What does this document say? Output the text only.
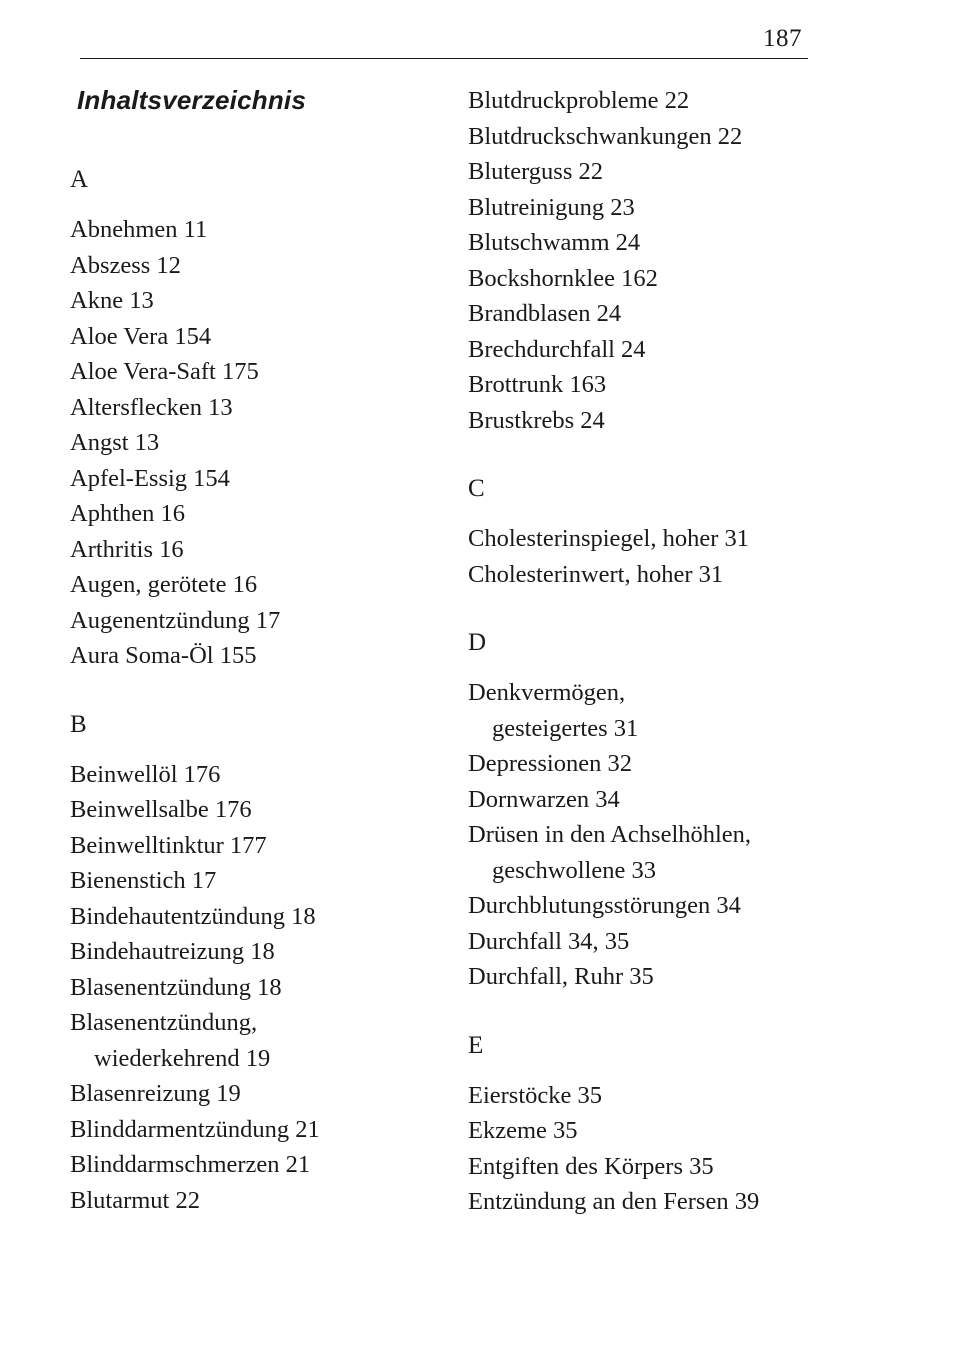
187
Inhaltsverzeichnis
A
Abnehmen 11
Abszess 12
Akne 13
Aloe Vera 154
Aloe Vera-Saft 175
Altersflecken 13
Angst 13
Apfel-Essig 154
Aphthen 16
Arthritis 16
Augen, gerötete 16
Augenentzündung 17
Aura Soma-Öl 155
B
Beinwellöl 176
Beinwellsalbe 176
Beinwelltinktur 177
Bienenstich 17
Bindehautentzündung 18
Bindehautreizung 18
Blasenentzündung 18
Blasenentzündung,
wiederkehrend 19
Blasenreizung 19
Blinddarmentzündung 21
Blinddarmschmerzen 21
Blutarmut 22
Blutdruckprobleme 22
Blutdruckschwankungen 22
Bluterguss 22
Blutreinigung 23
Blutschwamm 24
Bockshornklee 162
Brandblasen 24
Brechdurchfall 24
Brottrunk 163
Brustkrebs 24
C
Cholesterinspiegel, hoher 31
Cholesterinwert, hoher 31
D
Denkvermögen,
gesteigertes 31
Depressionen 32
Dornwarzen 34
Drüsen in den Achselhöhlen,
geschwollene 33
Durchblutungsstörungen 34
Durchfall 34, 35
Durchfall, Ruhr 35
E
Eierstöcke 35
Ekzeme 35
Entgiften des Körpers 35
Entzündung an den Fersen 39
